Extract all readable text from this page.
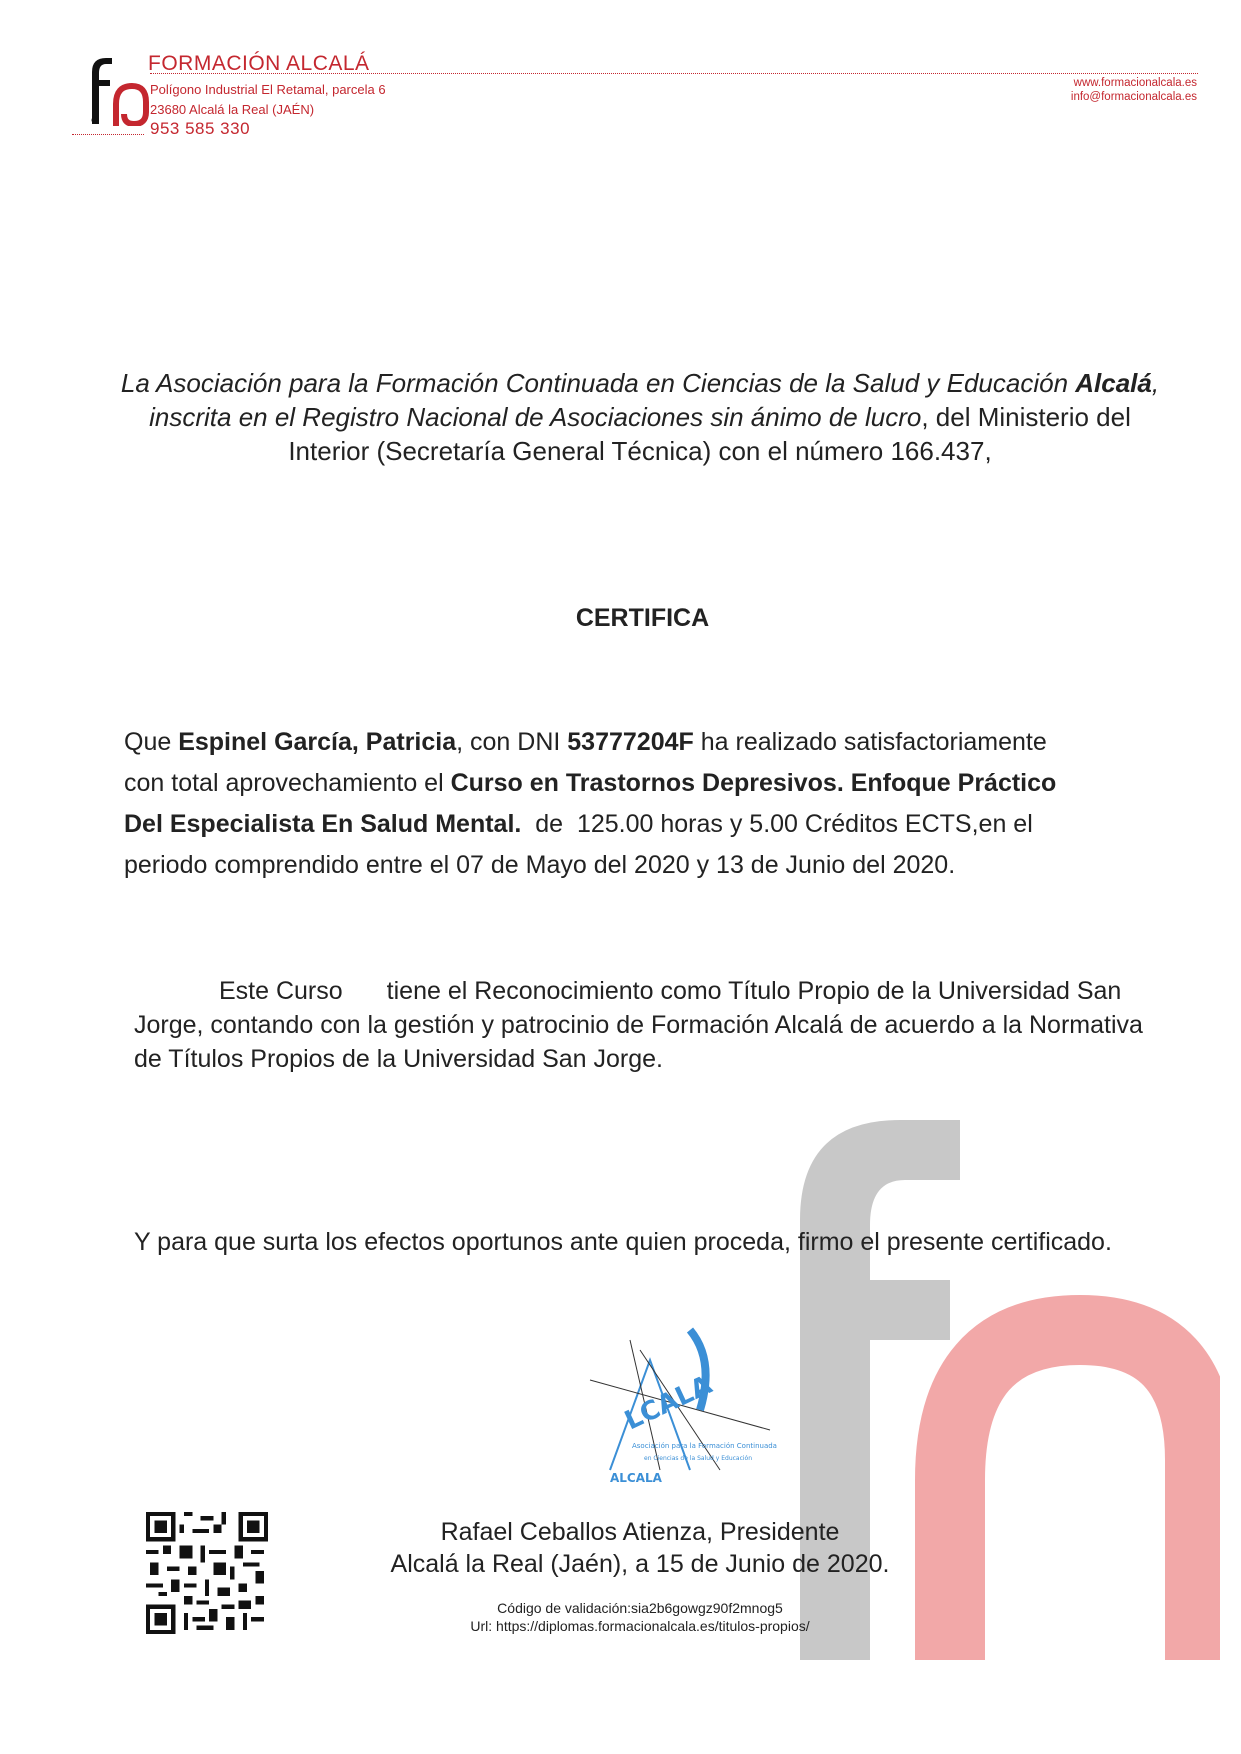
FORMACIÓN ALCALÁ
Polígono Industrial El Retamal, parcela 6
23680 Alcalá la Real (JAÉN)
953 585 330
www.formacionalcala.es
info@formacionalcala.es
La Asociación para la Formación Continuada en Ciencias de la Salud y Educación Alcalá, inscrita en el Registro Nacional de Asociaciones sin ánimo de lucro, del Ministerio del Interior (Secretaría General Técnica) con el número 166.437,
CERTIFICA
Que Espinel García, Patricia, con DNI 53777204F ha realizado satisfactoriamente con total aprovechamiento el Curso en Trastornos Depresivos. Enfoque Práctico Del Especialista En Salud Mental.  de  125.00 horas y 5.00 Créditos ECTS,en el periodo comprendido entre el 07 de Mayo del 2020 y 13 de Junio del 2020.
Este Curso tiene el Reconocimiento como Título Propio de la Universidad San Jorge, contando con la gestión y patrocinio de Formación Alcalá de acuerdo a la Normativa de Títulos Propios de la Universidad San Jorge.
Y para que surta los efectos oportunos ante quien proceda, firmo el presente certificado.
LCALA
Asociación para la Formación Continuada
en Ciencias de la Salud y Educación
ALCALA
Rafael Ceballos Atienza, Presidente
Alcalá la Real (Jaén), a 15 de Junio de 2020.
Código de validación:sia2b6gowgz90f2mnog5
Url: https://diplomas.formacionalcala.es/titulos-propios/
